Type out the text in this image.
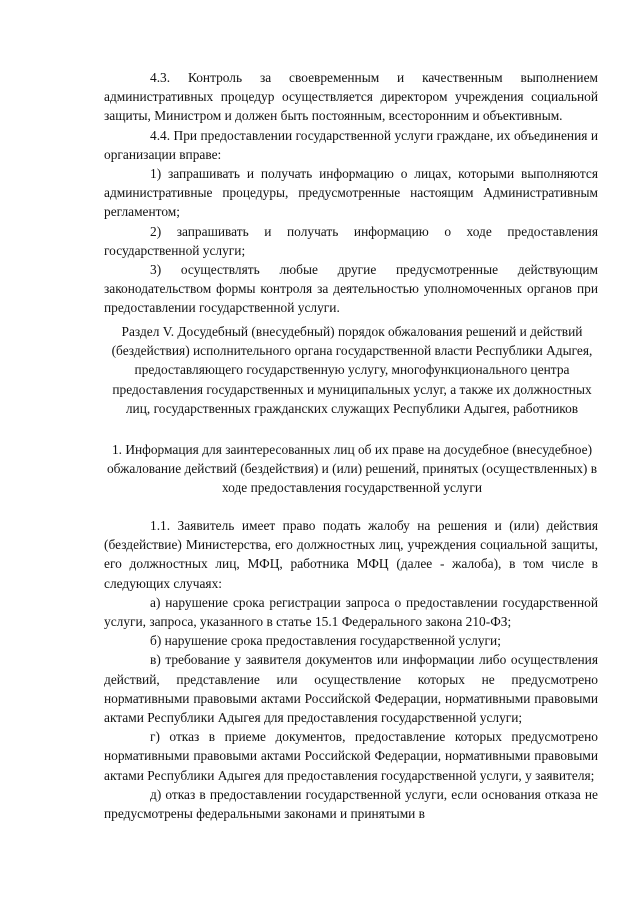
4.3. Контроль за своевременным и качественным выполнением административных процедур осуществляется директором учреждения социальной защиты, Министром и должен быть постоянным, всесторонним и объективным.

4.4. При предоставлении государственной услуги граждане, их объединения и организации вправе:

1) запрашивать и получать информацию о лицах, которыми выполняются административные процедуры, предусмотренные настоящим Административным регламентом;

2) запрашивать и получать информацию о ходе предоставления государственной услуги;

3) осуществлять любые другие предусмотренные действующим законодательством формы контроля за деятельностью уполномоченных органов при предоставлении государственной услуги.

Раздел V. Досудебный (внесудебный) порядок обжалования решений и действий (бездействия) исполнительного органа государственной власти Республики Адыгея, предоставляющего государственную услугу, многофункционального центра предоставления государственных и муниципальных услуг, а также их должностных лиц, государственных гражданских служащих Республики Адыгея, работников

1. Информация для заинтересованных лиц об их праве на досудебное (внесудебное) обжалование действий (бездействия) и (или) решений, принятых (осуществленных) в ходе предоставления государственной услуги

1.1. Заявитель имеет право подать жалобу на решения и (или) действия (бездействие) Министерства, его должностных лиц, учреждения социальной защиты, его должностных лиц, МФЦ, работника МФЦ (далее - жалоба), в том числе в следующих случаях:

а) нарушение срока регистрации запроса о предоставлении государственной услуги, запроса, указанного в статье 15.1 Федерального закона 210-ФЗ;

б) нарушение срока предоставления государственной услуги;

в) требование у заявителя документов или информации либо осуществления действий, представление или осуществление которых не предусмотрено нормативными правовыми актами Российской Федерации, нормативными правовыми актами Республики Адыгея для предоставления государственной услуги;

г) отказ в приеме документов, предоставление которых предусмотрено нормативными правовыми актами Российской Федерации, нормативными правовыми актами Республики Адыгея для предоставления государственной услуги, у заявителя;

д) отказ в предоставлении государственной услуги, если основания отказа не предусмотрены федеральными законами и принятыми в
